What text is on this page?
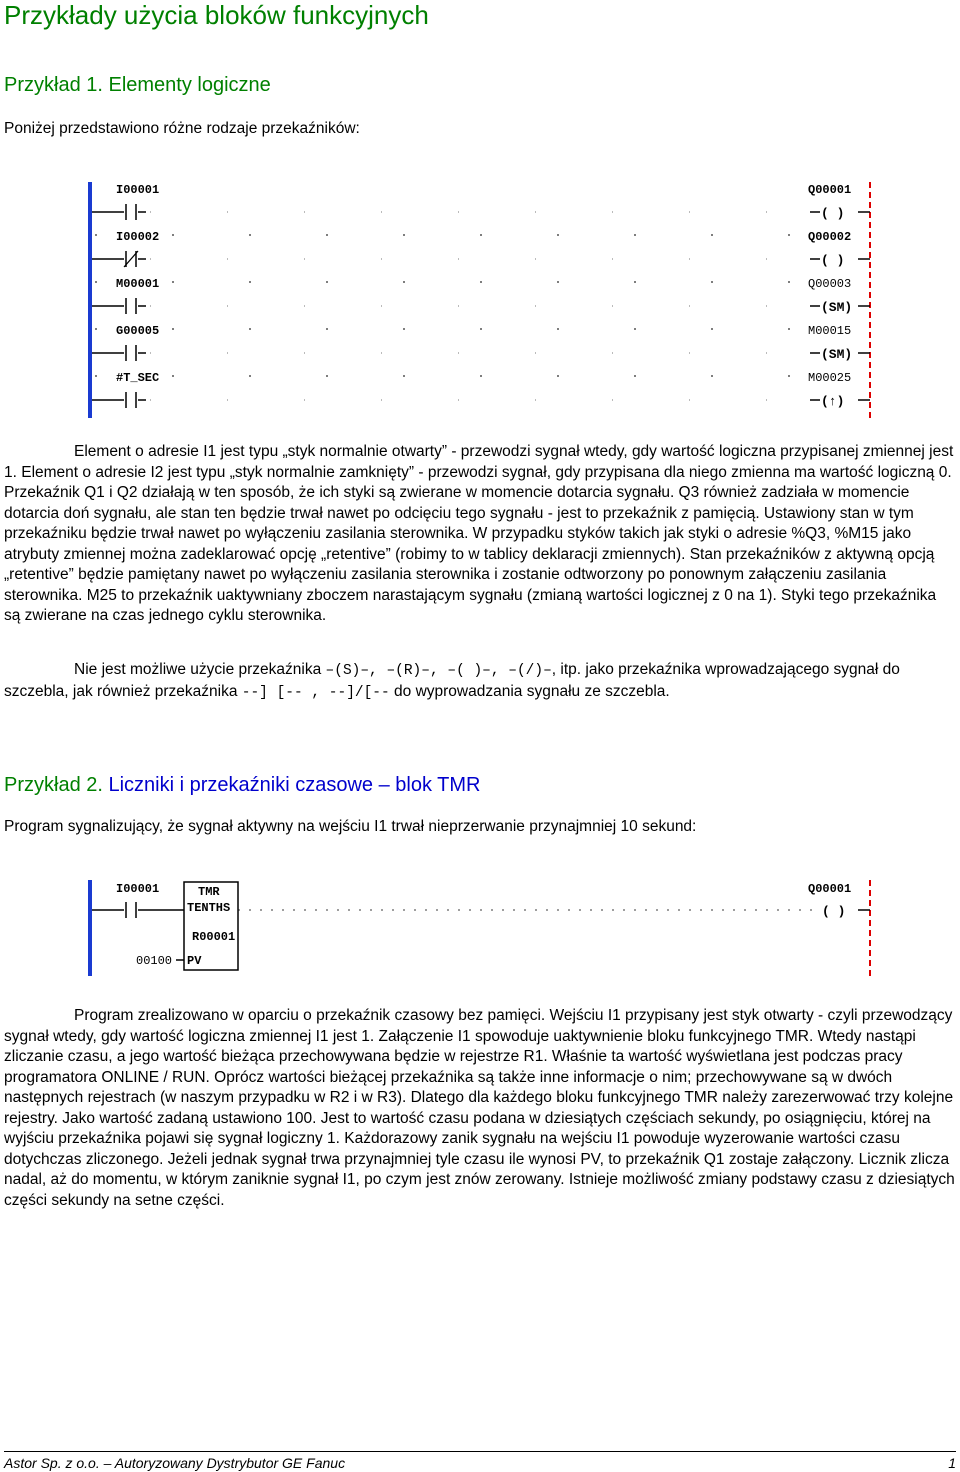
Przykłady użycia bloków funkcyjnych
Przykład 1. Elementy logiczne

Poniżej przedstawiono różne rodzaje przekaźników:

I00001	Q00001
( )
I00002	Q00002
( )
M00001	Q00003
(SM)
G00005	M00015
(SM)
#T_SEC	M00025
(↑)

Element o adresie I1 jest typu „styk normalnie otwarty” - przewodzi sygnał wtedy, gdy wartość logiczna przypisanej zmiennej jest 1. Element o adresie I2 jest typu „styk normalnie zamknięty” - przewodzi sygnał, gdy przypisana dla niego zmienna ma wartość logiczną 0. Przekaźnik Q1 i Q2 działają w ten sposób, że ich styki są zwierane w momencie dotarcia sygnału. Q3 również zadziała w momencie dotarcia doń sygnału, ale stan ten będzie trwał nawet po odcięciu tego sygnału - jest to przekaźnik z pamięcią. Ustawiony stan w tym przekaźniku będzie trwał nawet po wyłączeniu zasilania sterownika. W przypadku styków takich jak styki o adresie %Q3, %M15 jako atrybuty zmiennej można zadeklarować opcję „retentive” (robimy to w tablicy deklaracji zmiennych). Stan przekaźników z aktywną opcją „retentive” będzie pamiętany nawet po wyłączeniu zasilania sterownika i zostanie odtworzony po ponownym załączeniu zasilania sterownika. M25 to przekaźnik uaktywniany zboczem narastającym sygnału (zmianą wartości logicznej z 0 na 1). Styki tego przekaźnika są zwierane na czas jednego cyklu sterownika.

Nie jest możliwe użycie przekaźnika –(S)–, –(R)–, –( )–, –(/)–, itp. jako przekaźnika wprowadzającego sygnał do szczebla, jak również przekaźnika --] [-- , --]/[-- do wyprowadzania sygnału ze szczebla.

Przykład 2. Liczniki i przekaźniki czasowe – blok TMR

Program sygnalizujący, że sygnał aktywny na wejściu I1 trwał nieprzerwanie przynajmniej 10 sekund:

I00001	TMR
TENTHS
R00001
PV
00100
Q00001
( )

Program zrealizowano w oparciu o przekaźnik czasowy bez pamięci. Wejściu I1 przypisany jest styk otwarty - czyli przewodzący sygnał wtedy, gdy wartość logiczna zmiennej I1 jest 1. Załączenie I1 spowoduje uaktywnienie bloku funkcyjnego TMR. Wtedy nastąpi zliczanie czasu, a jego wartość bieżąca przechowywana będzie w rejestrze R1. Właśnie ta wartość wyświetlana jest podczas pracy programatora ONLINE / RUN. Oprócz wartości bieżącej przekaźnika są także inne informacje o nim; przechowywane są w dwóch następnych rejestrach (w naszym przypadku w R2 i w R3). Dlatego dla każdego bloku funkcyjnego TMR należy zarezerwować trzy kolejne rejestry. Jako wartość zadaną ustawiono 100. Jest to wartość czasu podana w dziesiątych częściach sekundy, po osiągnięciu, której na wyjściu przekaźnika pojawi się sygnał logiczny 1. Każdorazowy zanik sygnału na wejściu I1 powoduje wyzerowanie wartości czasu dotychczas zliczonego. Jeżeli jednak sygnał trwa przynajmniej tyle czasu ile wynosi PV, to przekaźnik Q1 zostaje załączony. Licznik zlicza nadal, aż do momentu, w którym zaniknie sygnał I1, po czym jest znów zerowany. Istnieje możliwość zmiany podstawy czasu z dziesiątych części sekundy na setne części.

Astor Sp. z o.o. – Autoryzowany Dystrybutor GE Fanuc	1
